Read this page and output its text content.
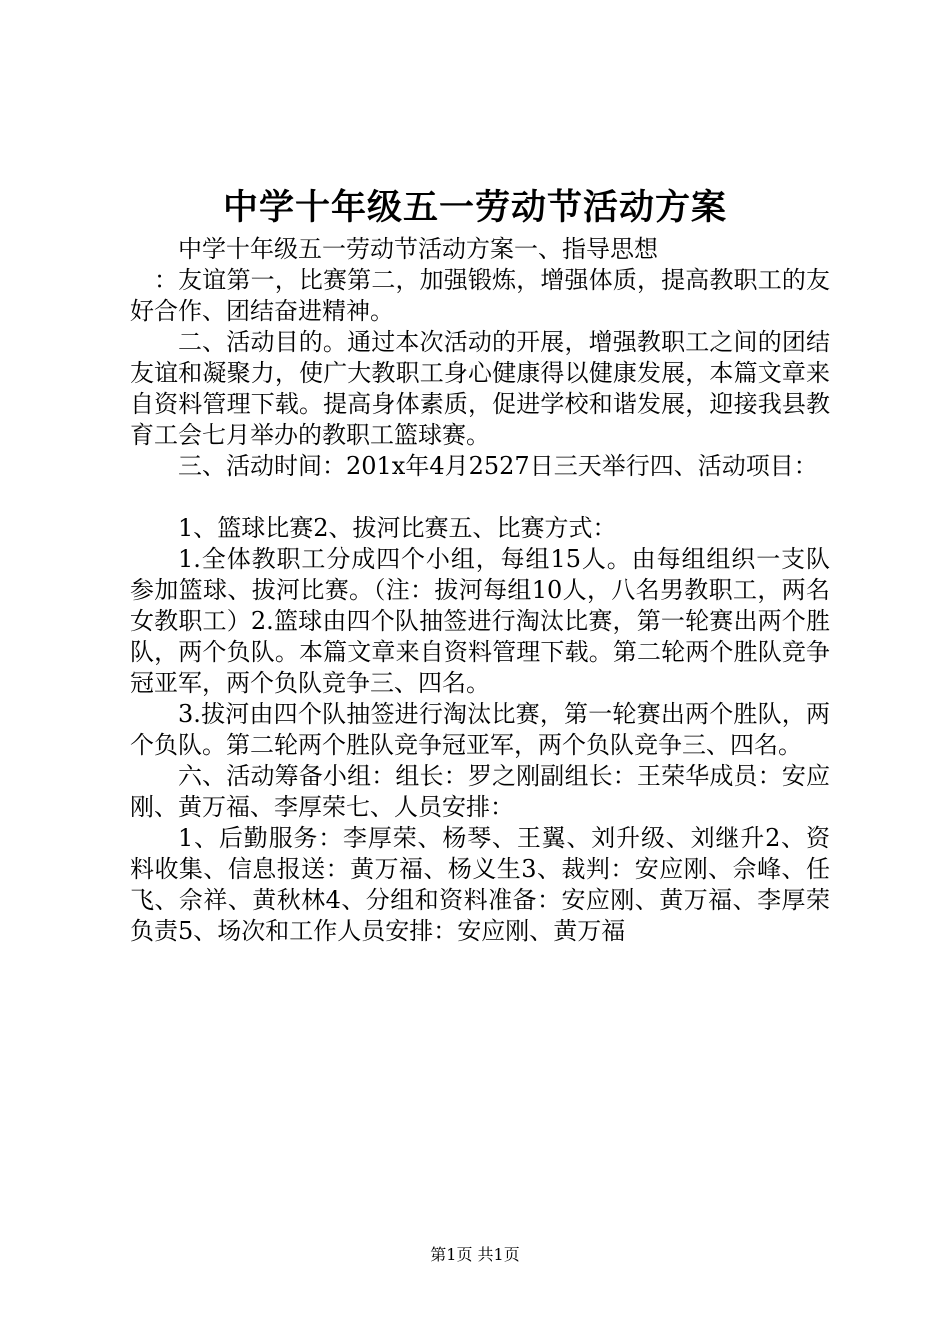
中学十年级五一劳动节活动方案

中学十年级五一劳动节活动方案一、指导思想

：友谊第一，比赛第二，加强锻炼，增强体质，提高教职工的友好合作、团结奋进精神。

二、活动目的。通过本次活动的开展，增强教职工之间的团结友谊和凝聚力，使广大教职工身心健康得以健康发展，本篇文章来自资料管理下载。提高身体素质，促进学校和谐发展，迎接我县教育工会七月举办的教职工篮球赛。

三、活动时间：201x年4月2527日三天举行四、活动项目：

1、篮球比赛2、拔河比赛五、比赛方式：

1.全体教职工分成四个小组，每组15人。由每组组织一支队参加篮球、拔河比赛。（注：拔河每组10人，八名男教职工，两名女教职工）2.篮球由四个队抽签进行淘汰比赛，第一轮赛出两个胜队，两个负队。本篇文章来自资料管理下载。第二轮两个胜队竞争冠亚军，两个负队竞争三、四名。

3.拔河由四个队抽签进行淘汰比赛，第一轮赛出两个胜队，两个负队。第二轮两个胜队竞争冠亚军，两个负队竞争三、四名。

六、活动筹备小组：组长：罗之刚副组长：王荣华成员：安应刚、黄万福、李厚荣七、人员安排：

1、后勤服务：李厚荣、杨琴、王翼、刘升级、刘继升2、资料收集、信息报送：黄万福、杨义生3、裁判：安应刚、佘峰、任飞、佘祥、黄秋林4、分组和资料准备：安应刚、黄万福、李厚荣负责5、场次和工作人员安排：安应刚、黄万福

第1页 共1页
